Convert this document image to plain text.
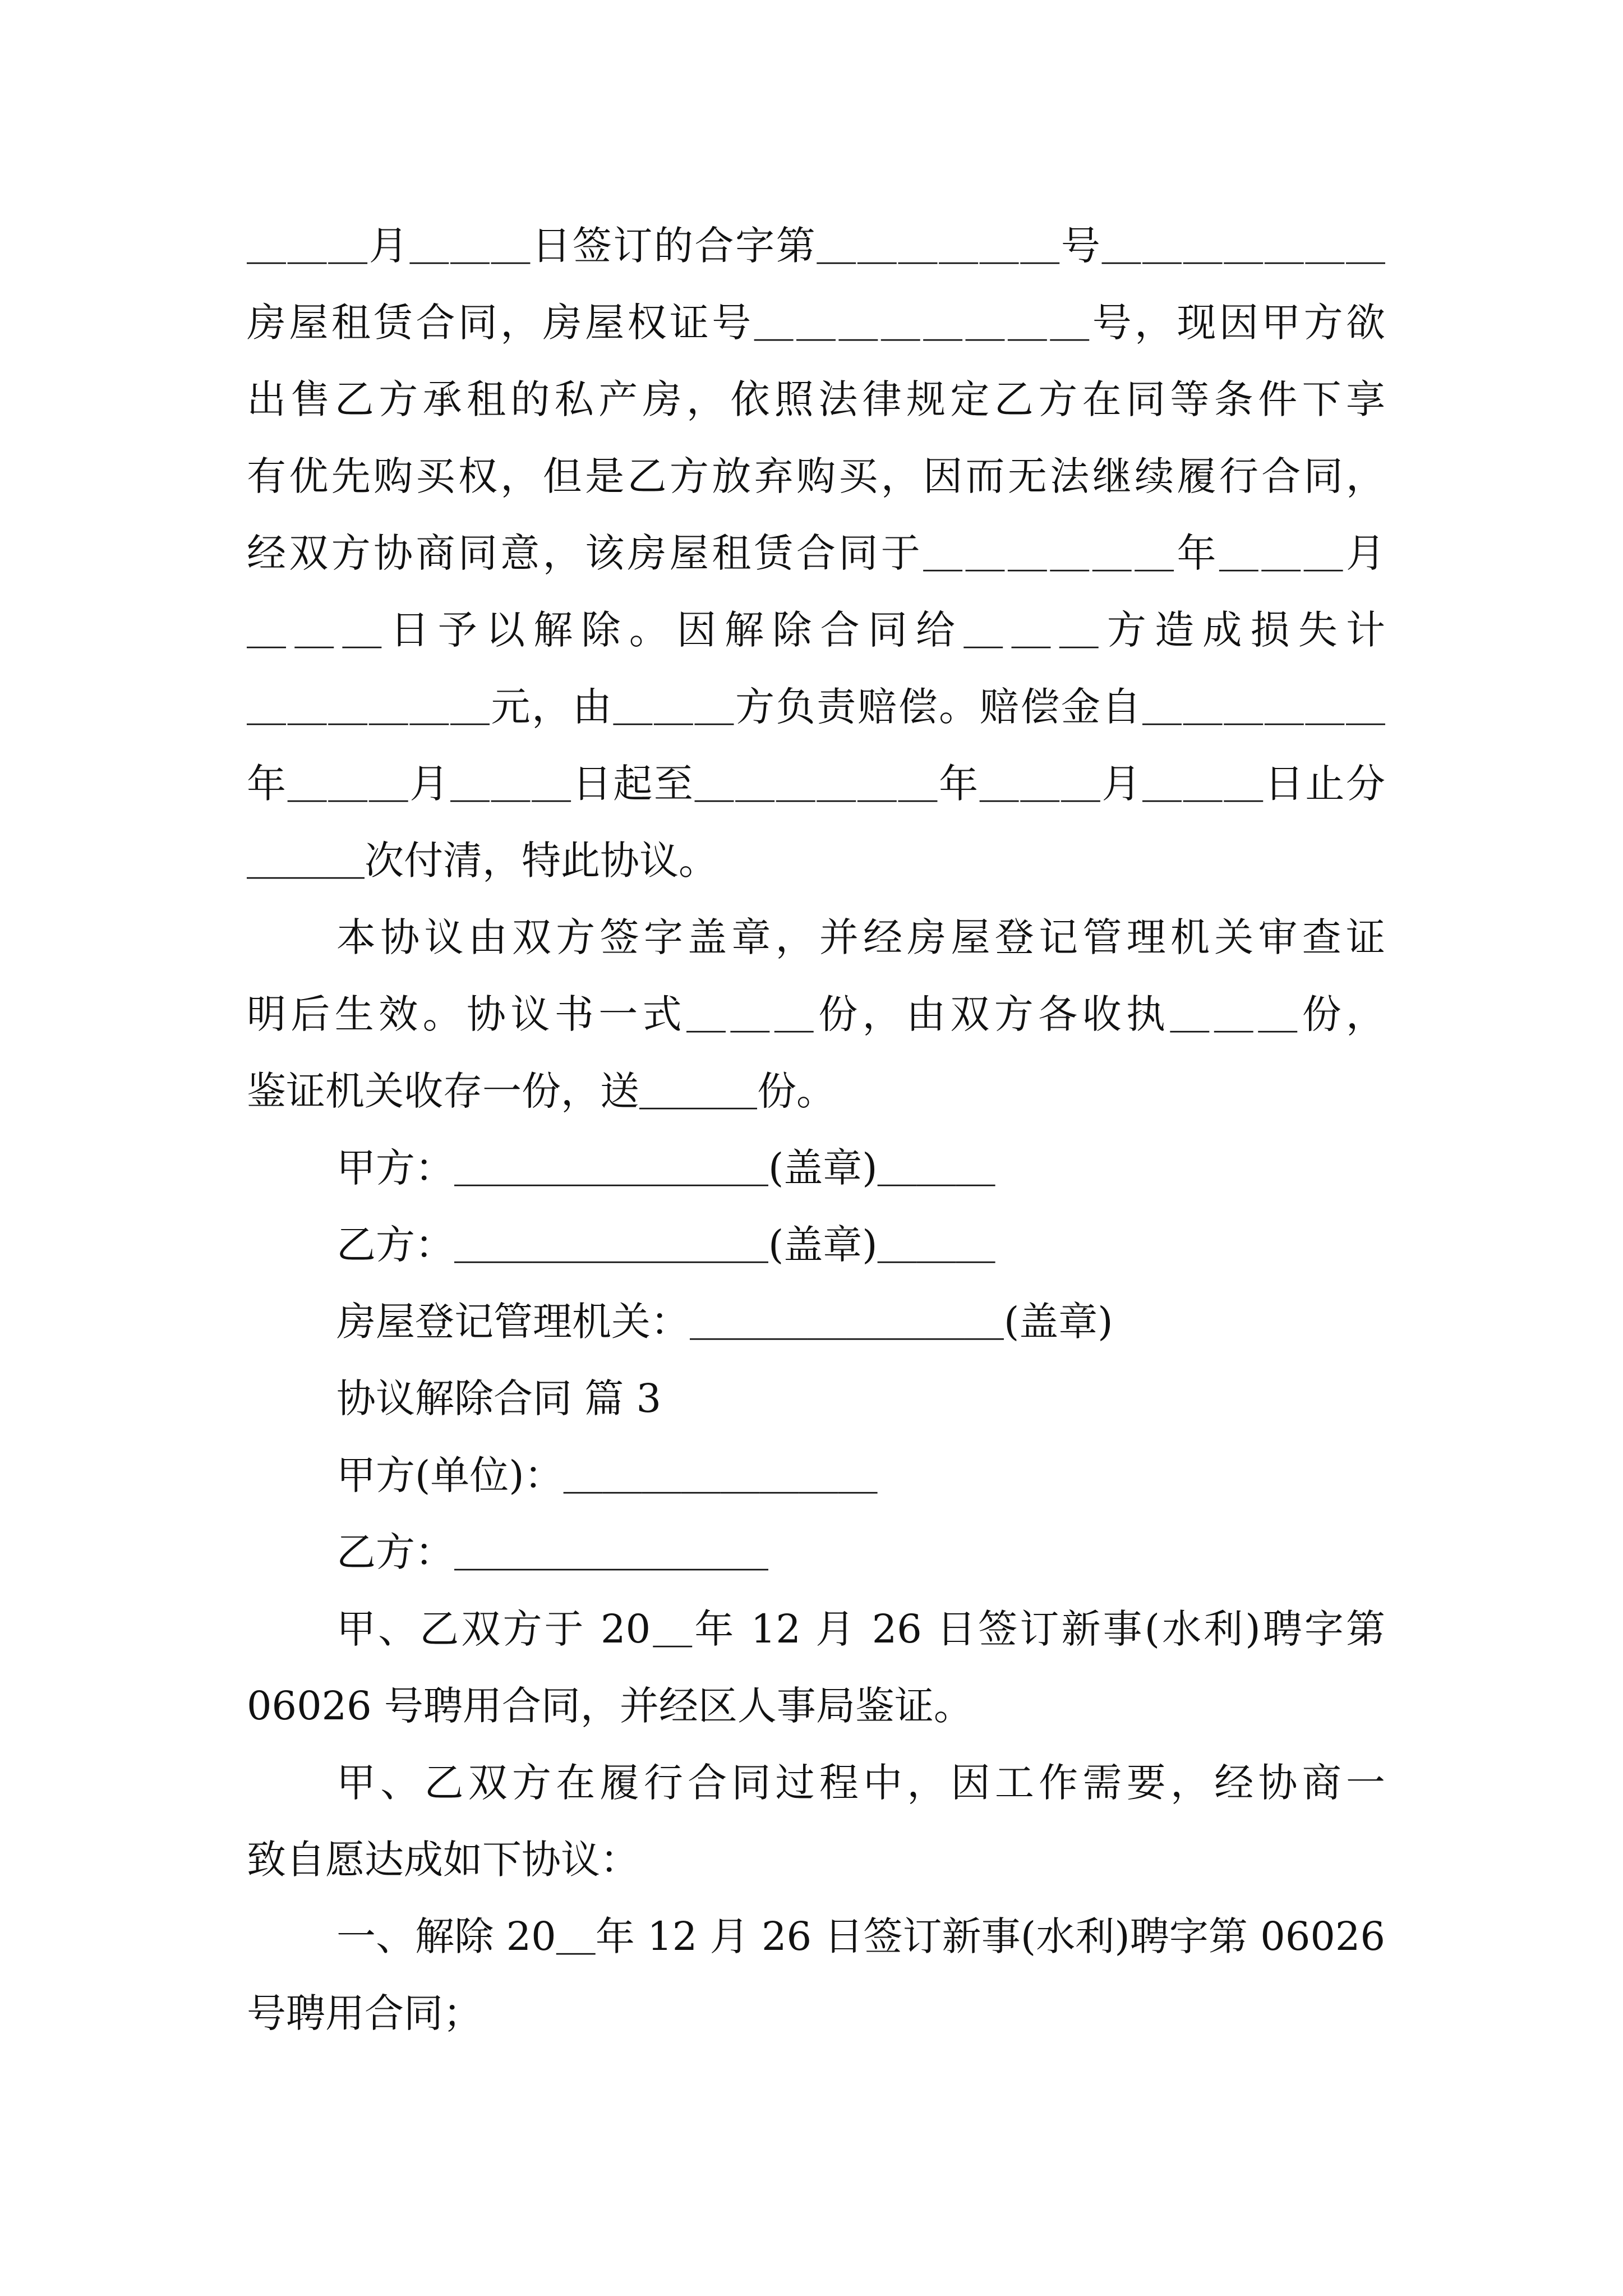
＿＿＿月＿＿＿日签订的合字第＿＿＿＿＿＿号＿＿＿＿＿＿＿
房屋租赁合同，房屋权证号＿＿＿＿＿＿＿＿号，现因甲方欲
出售乙方承租的私产房，依照法律规定乙方在同等条件下享
有优先购买权，但是乙方放弃购买，因而无法继续履行合同，
经双方协商同意，该房屋租赁合同于＿＿＿＿＿＿年＿＿＿月
＿＿＿日予以解除。因解除合同给＿＿＿方造成损失计
＿＿＿＿＿＿元，由＿＿＿方负责赔偿。赔偿金自＿＿＿＿＿＿
年＿＿＿月＿＿＿日起至＿＿＿＿＿＿年＿＿＿月＿＿＿日止分
＿＿＿次付清，特此协议。
本协议由双方签字盖章，并经房屋登记管理机关审查证
明后生效。协议书一式＿＿＿份，由双方各收执＿＿＿份，
鉴证机关收存一份，送＿＿＿份。
甲方：＿＿＿＿＿＿＿＿(盖章)＿＿＿
乙方：＿＿＿＿＿＿＿＿(盖章)＿＿＿
房屋登记管理机关：＿＿＿＿＿＿＿＿(盖章)
协议解除合同 篇 3
甲方(单位)：＿＿＿＿＿＿＿＿
乙方：＿＿＿＿＿＿＿＿
甲、乙双方于 20＿年 12 月 26 日签订新事(水利)聘字第
06026 号聘用合同，并经区人事局鉴证。
甲、乙双方在履行合同过程中，因工作需要，经协商一
致自愿达成如下协议：
一、解除 20＿年 12 月 26 日签订新事(水利)聘字第 06026
号聘用合同；
